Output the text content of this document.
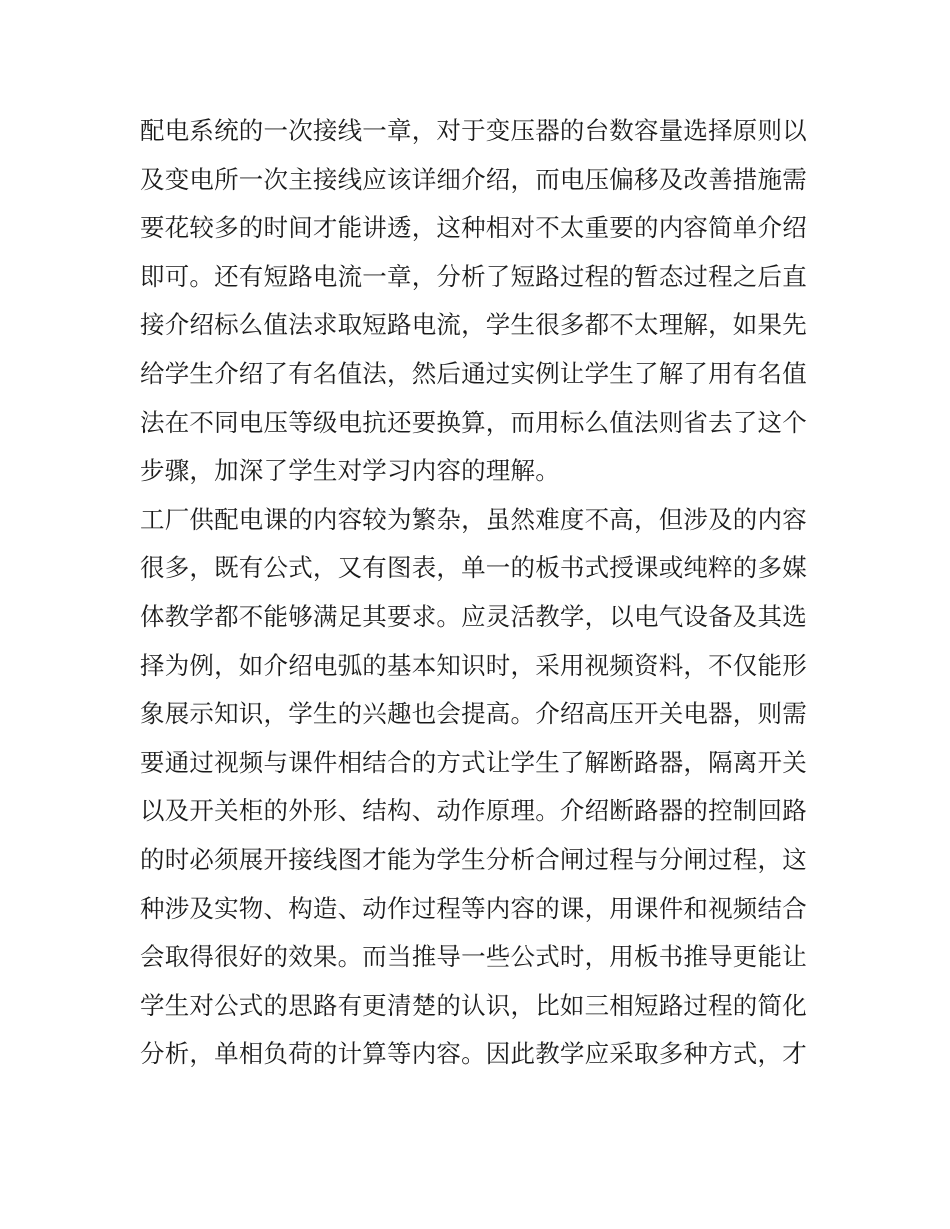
配电系统的一次接线一章，对于变压器的台数容量选择原则以
及变电所一次主接线应该详细介绍，而电压偏移及改善措施需
要花较多的时间才能讲透，这种相对不太重要的内容简单介绍
即可。还有短路电流一章，分析了短路过程的暂态过程之后直
接介绍标么值法求取短路电流，学生很多都不太理解，如果先
给学生介绍了有名值法，然后通过实例让学生了解了用有名值
法在不同电压等级电抗还要换算，而用标么值法则省去了这个
步骤，加深了学生对学习内容的理解。
工厂供配电课的内容较为繁杂，虽然难度不高，但涉及的内容
很多，既有公式，又有图表，单一的板书式授课或纯粹的多媒
体教学都不能够满足其要求。应灵活教学，以电气设备及其选
择为例，如介绍电弧的基本知识时，采用视频资料，不仅能形
象展示知识，学生的兴趣也会提高。介绍高压开关电器，则需
要通过视频与课件相结合的方式让学生了解断路器，隔离开关
以及开关柜的外形、结构、动作原理。介绍断路器的控制回路
的时必须展开接线图才能为学生分析合闸过程与分闸过程，这
种涉及实物、构造、动作过程等内容的课，用课件和视频结合
会取得很好的效果。而当推导一些公式时，用板书推导更能让
学生对公式的思路有更清楚的认识，比如三相短路过程的简化
分析，单相负荷的计算等内容。因此教学应采取多种方式，才
